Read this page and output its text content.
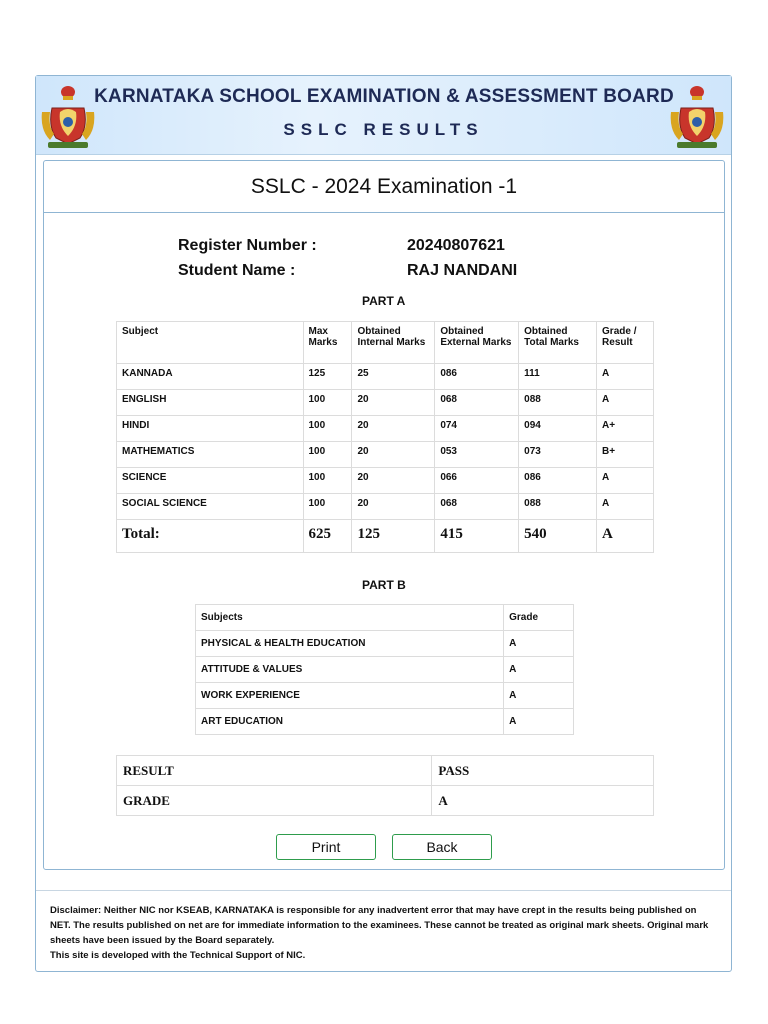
KARNATAKA SCHOOL EXAMINATION & ASSESSMENT BOARD
SSLC RESULTS
SSLC - 2024 Examination -1
Register Number :	20240807621
Student Name :	RAJ NANDANI
PART A
Subject	Max Marks	Obtained Internal Marks	Obtained External Marks	Obtained Total Marks	Grade / Result
KANNADA	125	25	086	111	A
ENGLISH	100	20	068	088	A
HINDI	100	20	074	094	A+
MATHEMATICS	100	20	053	073	B+
SCIENCE	100	20	066	086	A
SOCIAL SCIENCE	100	20	068	088	A
Total:	625	125	415	540	A
PART B
Subjects	Grade
PHYSICAL & HEALTH EDUCATION	A
ATTITUDE & VALUES	A
WORK EXPERIENCE	A
ART EDUCATION	A
RESULT	PASS
GRADE	A
Print	Back
Disclaimer: Neither NIC nor KSEAB, KARNATAKA is responsible for any inadvertent error that may have crept in the results being published on NET. The results published on net are for immediate information to the examinees. These cannot be treated as original mark sheets. Original mark sheets have been issued by the Board separately.
This site is developed with the Technical Support of NIC.
